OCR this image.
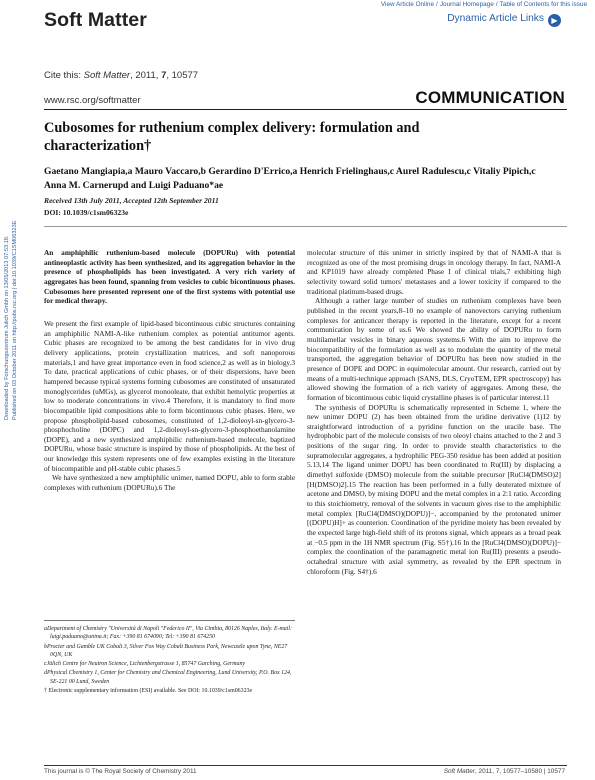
View Article Online / Journal Homepage / Table of Contents for this issue
Soft Matter	Dynamic Article Links ▶
Cite this: Soft Matter, 2011, 7, 10577
www.rsc.org/softmatter	COMMUNICATION
Cubosomes for ruthenium complex delivery: formulation and characterization†
Gaetano Mangiapia,a Mauro Vaccaro,b Gerardino D'Errico,a Henrich Frielinghaus,c Aurel Radulescu,c Vitaliy Pipich,c Anna M. Carnerupd and Luigi Paduano*ae
Received 13th July 2011, Accepted 12th September 2011
DOI: 10.1039/c1sm06323e
Downloaded by Forschungszentrum Julich Gmbh on 13/05/2013 07:53:18. Published on 03 October 2011 on http://pubs.rsc.org | doi:10.1039/C1SM06323E	An amphiphilic ruthenium-based molecule (DOPURu) with potential antineoplastic activity has been synthesized, and its aggregation behavior in the presence of phospholipids has been investigated. A very rich variety of aggregates has been found, spanning from vesicles to cubic bicontinuous phases. Cubosomes here presented represent one of the first systems with potential use for medical therapy.

We present the first example of lipid-based bicontinuous cubic structures containing an amphiphilic NAMI-A-like ruthenium complex as potential antitumor agents. Cubic phases are recognized to be among the best candidates for in vivo drug delivery applications, protein crystallization matrices, and soft nanoporous materials,1 and have great importance even in food science,2 as well as in biology.3 To date, practical applications of cubic phases, or of their dispersions, have been hampered because typical systems forming cubosomes are constituted of unsaturated monoglycerides (uMGs), as glycerol monooleate, that exhibit hemolytic properties at low to moderate concentrations in vivo.4 Therefore, it is mandatory to find more biocompatible lipid compositions able to form bicontinuous cubic phases. Here, we propose phospholipid-based cubosomes, constituted of 1,2-dioleoyl-sn-glycero-3-phosphocholine (DOPC) and 1,2-dioleoyl-sn-glycero-3-phosphoethanolamine (DOPE), and a new synthesized amphiphilic ruthenium-based molecule, baptized DOPURu, whose basic structure is inspired by those of phospholipids. At the best of our knowledge this system represents one of few examples existing in the literature of biocompatible and pH-stable cubic phases.5

We have synthesized a new amphiphilic unimer, named DOPU, able to form stable complexes with ruthenium (DOPURu).6 The

aDepartment of Chemistry "Università di Napoli "Federico II", Via Cinthia, 80126 Naples, Italy. E-mail: luigi.paduano@unina.it; Fax: +390 81 674090; Tel: +390 81 674250

bProcter and Gamble UK Cobalt 3, Silver Fox Way Cobalt Business Park, Newcastle upon Tyne, NE27 0QN, UK

cJülich Centre for Neutron Science, Lichtenbergstrasse 1, 85747 Garching, Germany

dPhysical Chemistry 1, Center for Chemistry and Chemical Engineering, Lund University, P.O. Box 124, SE-221 00 Lund, Sweden

† Electronic supplementary information (ESI) available. See DOI: 10.1039/c1sm06323e

molecular structure of this unimer in strictly inspired by that of NAMI-A that is recognized as one of the most promising drugs in oncology therapy. In fact, NAMI-A and KP1019 have already completed Phase I of clinical trials,7 exhibiting high selectivity toward solid tumors' metastases and a lower toxicity if compared to the traditional platinum-based drugs.

Although a rather large number of studies on ruthenium complexes have been published in the recent years,8–10 no example of nanovectors carrying ruthenium complexes for anticancer therapy is reported in the literature, except for a recent communication by some of us.6 We showed the ability of DOPURu to form multilamellar vesicles in binary aqueous systems.6 With the aim to improve the biocompatibility of the formulation as well as to modulate the quantity of the metal transported, the aggregation behavior of DOPURu has been now studied in the presence of DOPE and DOPC in equimolecular amount. Our research, carried out by means of a multi-technique approach (SANS, DLS, CryoTEM, EPR spectroscopy) has allowed showing the formation of a rich variety of aggregates. Among these, the formation of bicontinuous cubic liquid crystalline phases is of particular interest.11

The synthesis of DOPURu is schematically represented in Scheme 1, where the new unimer DOPU (2) has been obtained from the uridine derivative (1)12 by straightforward introduction of a pyridine function on the uracile base. The hydrophobic part of the molecule consists of two oleoyl chains attached to the 2 and 3 positions of the sugar ring. In order to provide stealth characteristics to the supramolecular aggregates, a hydrophilic PEG-350 residue has been added at position 5.13,14 The ligand unimer DOPU has been coordinated to Ru(III) by displacing a dimethyl sulfoxide (DMSO) molecule from the suitable precursor [RuCl4(DMSO)2][H(DMSO)2].15 The reaction has been performed in a fully deuterated mixture of acetone and DMSO, by mixing DOPU and the metal complex in a 2:1 ratio. According to this stoichiometry, removal of the solvents in vacuum gives rise to the amphiphilic metal complex [RuCl4(DMSO)(DOPU)]−, accompanied by the protonated unimer [(DOPU)H]+ as counterion. Coordination of the pyridine moiety has been revealed by the expected large high-field shift of its protons signal, which appears as a broad peak at −0.5 ppm in the 1H NMR spectrum (Fig. S5†).16 In the [RuCl4(DMSO)(DOPU)]− complex the coordination of the paramagnetic metal ion Ru(III) presents a pseudo-octahedral structure with axial symmetry, as revealed by the EPR spectrum in chloroform (Fig. S4†).6

This journal is © The Royal Society of Chemistry 2011	Soft Matter, 2011, 7, 10577–10580 | 10577
